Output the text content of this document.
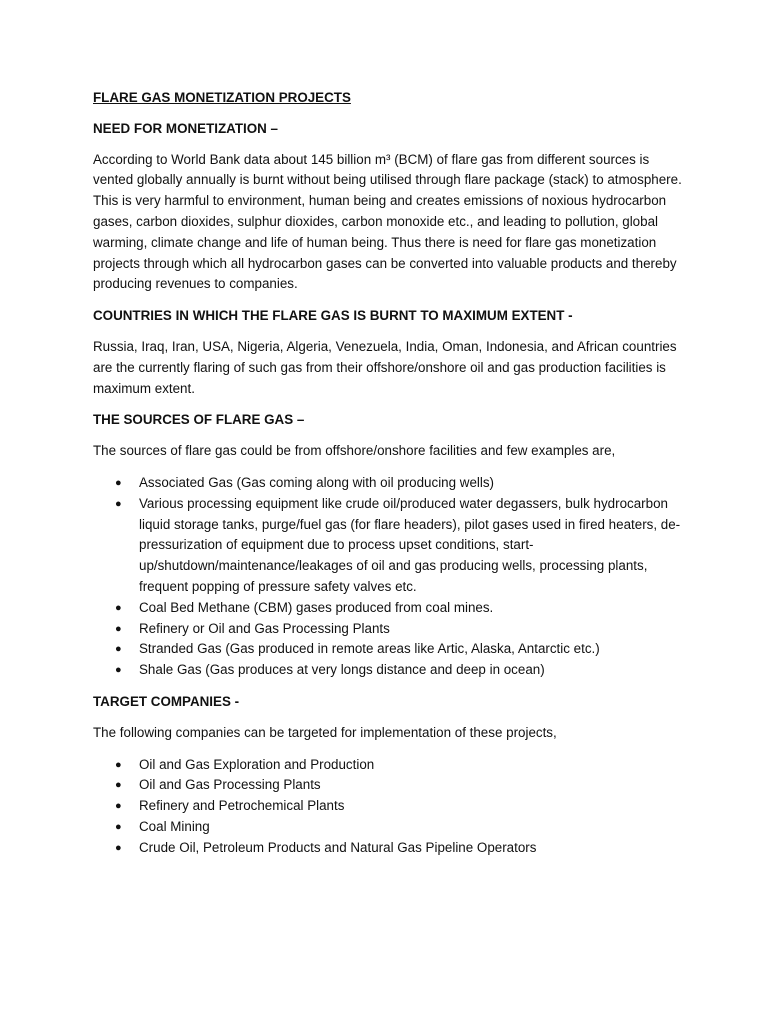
FLARE GAS MONETIZATION PROJECTS
NEED FOR MONETIZATION –

According to World Bank data about 145 billion m³ (BCM) of flare gas from different sources is vented globally annually is burnt without being utilised through flare package (stack) to atmosphere. This is very harmful to environment, human being and creates emissions of noxious hydrocarbon gases, carbon dioxides, sulphur dioxides, carbon monoxide etc., and leading to pollution, global warming, climate change and life of human being. Thus there is need for flare gas monetization projects through which all hydrocarbon gases can be converted into valuable products and thereby producing revenues to companies.

COUNTRIES IN WHICH THE FLARE GAS IS BURNT TO MAXIMUM EXTENT -

Russia, Iraq, Iran, USA, Nigeria, Algeria, Venezuela, India, Oman, Indonesia, and African countries are the currently flaring of such gas from their offshore/onshore oil and gas production facilities is maximum extent.

THE SOURCES OF FLARE GAS –

The sources of flare gas could be from offshore/onshore facilities and few examples are,

● Associated Gas (Gas coming along with oil producing wells)
● Various processing equipment like crude oil/produced water degassers, bulk hydrocarbon liquid storage tanks, purge/fuel gas (for flare headers), pilot gases used in fired heaters, de-pressurization of equipment due to process upset conditions, start-up/shutdown/maintenance/leakages of oil and gas producing wells, processing plants, frequent popping of pressure safety valves etc.
● Coal Bed Methane (CBM) gases produced from coal mines.
● Refinery or Oil and Gas Processing Plants
● Stranded Gas (Gas produced in remote areas like Artic, Alaska, Antarctic etc.)
● Shale Gas (Gas produces at very longs distance and deep in ocean)
TARGET COMPANIES -

The following companies can be targeted for implementation of these projects,

● Oil and Gas Exploration and Production
● Oil and Gas Processing Plants
● Refinery and Petrochemical Plants
● Coal Mining
● Crude Oil, Petroleum Products and Natural Gas Pipeline Operators
